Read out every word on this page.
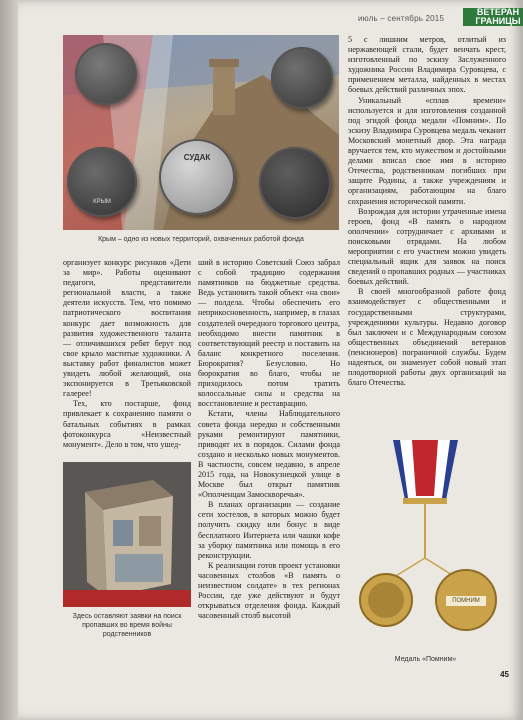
июль – сентябрь 2015
ВЕТЕРАН
ГРАНИЦЫ
КРЫМ
СУДАК
Крым – одно из новых территорий, охваченных работой фонда

организует конкурс рисунков «Дети за мир». Работы оценивают педагоги, представители региональной власти, а также деятели искусств. Тем, что помимо патриотического воспитания конкурс дает возможность для развития художественного таланта — отличившихся ребят берут под свое крыло маститые художники. А выставку работ финалистов может увидеть любой желающий, она экспонируется в Третьяковской галерее!

Тех, кто постарше, фонд привлекает к сохранению памяти о батальных событиях в рамках фотоконкурса «Неизвестный монумент». Дело в том, что ушед-

ший в историю Советский Союз забрал с собой традицию содержания памятников на бюджетные средства. Ведь установить такой объект «на свои» — полдела. Чтобы обеспечить его неприкосновенность, например, в глазах создателей очередного торгового центра, необходимо внести памятник в соответствующий реестр и поставить на баланс конкретного поселения. Бюрократия? Безусловно. Но бюрократия во благо, чтобы не приходилось потом тратить колоссальные силы и средства на восстановление и реставрацию.

Кстати, члены Наблюдательного совета фонда нередко и собственными руками ремонтируют памятники, приводят их в порядок. Силами фонда создано и несколько новых монументов. В частности, совсем недавно, в апреле 2015 года, на Новокузнецкой улице в Москве был открыт памятник «Ополченцам Замоскворечья».

В планах организации — создание сети хостелов, в которых можно будет получить скидку или бонус в виде бесплатного Интернета или чашки кофе за уборку памятника или помощь в его реконструкции.

К реализации готов проект установки часовенных столбов «В память о неизвестном солдате» в тех регионах России, где уже действуют и будут открываться отделения фонда. Каждый часовенный столб высотой

5 с лишним метров, отлитый из нержавеющей стали, будет венчать крест, изготовленный по эскизу Заслуженного художника России Владимира Суровцева, с применением металла, найденных в местах боевых действий различных эпох.

Уникальный «сплав времени» используется и для изготовления созданной под эгидой фонда медали «Помним». По эскизу Владимира Суровцева медаль чеканит Московский монетный двор. Эта награда вручается тем, кто мужеством и достойными делами вписал свое имя в историю Отечества, родственникам погибших при защите Родины, а также учреждениям и организациям, работающим на благо сохранения исторической памяти.

Возрождая для истории утраченные имена героев, фонд «В память о народном ополчении» сотрудничает с архивами и поисковыми отрядами. На любом мероприятии с его участием можно увидеть специальный ящик для заявок на поиск сведений о пропавших родных — участниках боевых действий.

В своей многообразной работе фонд взаимодействует с общественными и государственными структурами, учреждениями культуры. Недавно договор был заключен и с Международным союзом общественных объединений ветеранов (пенсионеров) пограничной службы. Будем надеяться, он знаменует собой новый этап плодотворной работы двух организаций на благо Отечества.

Здесь оставляют заявки на поиск пропавших во время войны родственников
ПОМНИМ
Медаль «Помним»
45
